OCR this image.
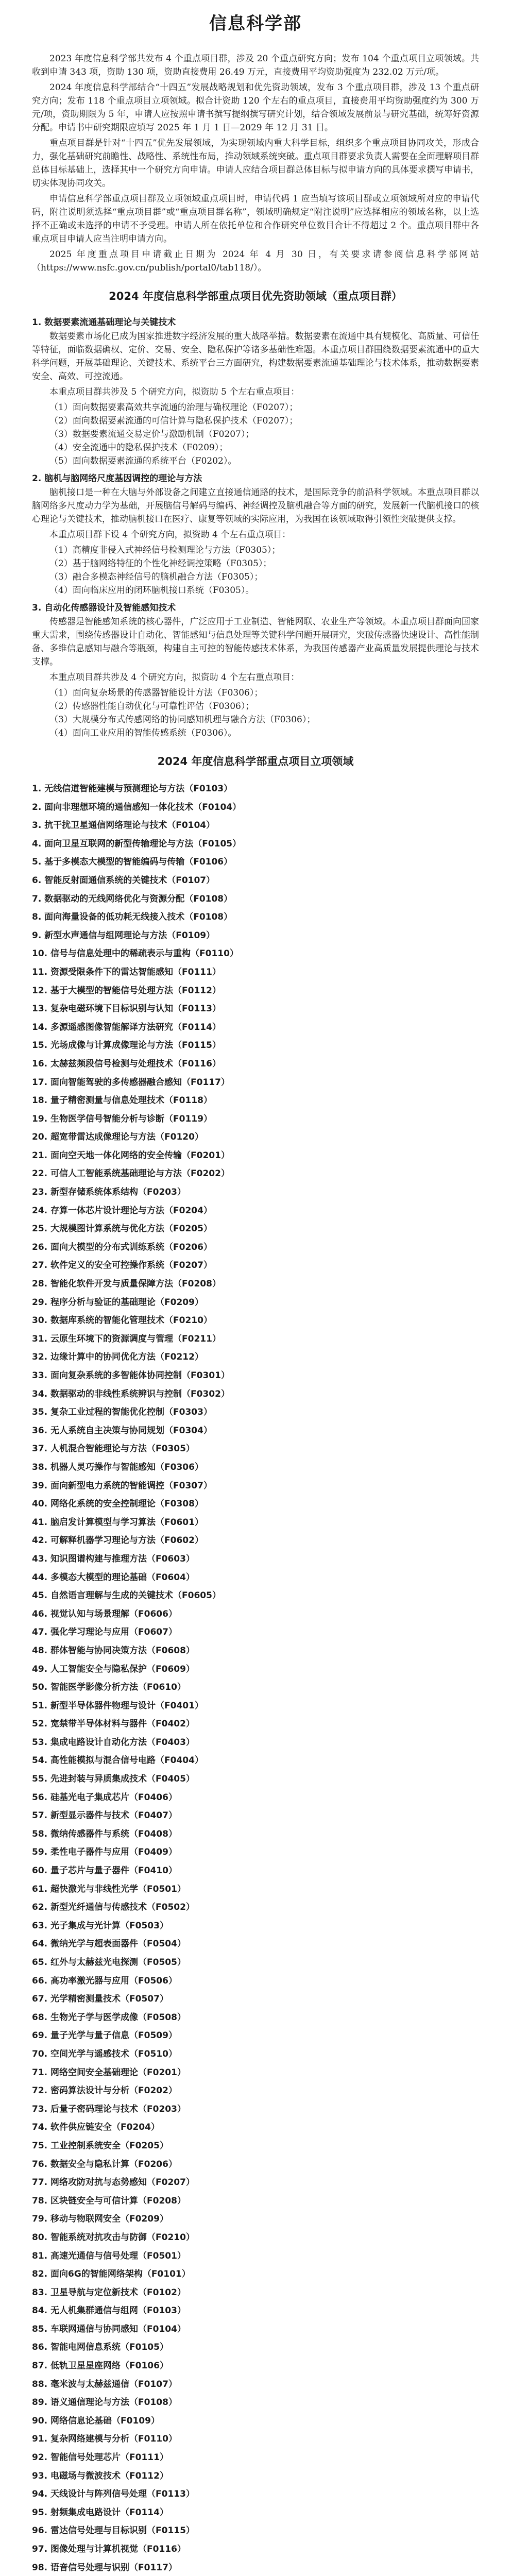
信息科学部

2023 年度信息科学部共发布 4 个重点项目群，涉及 20 个重点研究方向；发布 104 个重点项目立项领域。共收到申请 343 项，资助 130 项，资助直接费用 26.49 万元，直接费用平均资助强度为 232.02 万元/项。

2024 年度信息科学部结合“十四五”发展战略规划和优先资助领域，发布 3 个重点项目群，涉及 13 个重点研究方向；发布 118 个重点项目立项领域。拟合计资助 120 个左右的重点项目，直接费用平均资助强度约为 300 万元/项，资助期限为 5 年，申请人应按照申请书撰写提纲撰写研究计划，结合领域发展前景与研究基础，统筹好资源分配。申请书中研究期限应填写 2025 年 1 月 1 日—2029 年 12 月 31 日。

重点项目群是针对“十四五”优先发展领域，为实现领域内重大科学目标，组织多个重点项目协同攻关，形成合力，强化基础研究前瞻性、战略性、系统性布局，推动领域系统突破。重点项目群要求负责人需要在全面理解项目群总体目标基础上，选择其中一个研究方向申请。申请人应结合项目群总体目标与拟申请方向的具体要求撰写申请书，切实体现协同攻关。

申请信息科学部重点项目群及立项领域重点项目时，申请代码 1 应当填写该项目群或立项领域所对应的申请代码，附注说明须选择“重点项目群”或“重点项目群名称”，领域明确规定“附注说明”应选择相应的领域名称，以上选择不正确或未选择的申请不予受理。申请人所在依托单位和合作研究单位数目合计不得超过 2 个。重点项目群中各重点项目申请人应当注明申请方向。

2025 年度重点项目申请截止日期为 2024 年 4 月 30 日，有关要求请参阅信息科学部网站（https://www.nsfc.gov.cn/publish/portal0/tab118/）。

2024 年度信息科学部重点项目优先资助领域（重点项目群）
1. 数据要素流通基础理论与关键技术

数据要素市场化已成为国家推进数字经济发展的重大战略举措。数据要素在流通中具有规模化、高质量、可信任等特征，面临数据确权、定价、交易、安全、隐私保护等诸多基础性难题。本重点项目群围绕数据要素流通中的重大科学问题，开展基础理论、关键技术、系统平台三方面研究，构建数据要素流通基础理论与技术体系，推动数据要素安全、高效、可控流通。

本重点项目群共涉及 5 个研究方向，拟资助 5 个左右重点项目：

（1）面向数据要素高效共享流通的治理与确权理论（F0207）；

（2）面向数据要素流通的可信计算与隐私保护技术（F0207）；

（3）数据要素流通交易定价与激励机制（F0207）；

（4）安全流通中的隐私保护技术（F0209）；

（5）面向数据要素流通的系统平台（F0202）。

2. 脑机与脑网络尺度基因调控的理论与方法

脑机接口是一种在大脑与外部设备之间建立直接通信通路的技术，是国际竞争的前沿科学领域。本重点项目群以脑网络多尺度动力学为基础，开展脑信号解码与编码、神经调控及脑机融合等方面的研究，发展新一代脑机接口的核心理论与关键技术，推动脑机接口在医疗、康复等领域的实际应用，为我国在该领域取得引领性突破提供支撑。

本重点项目群下设 4 个研究方向，拟资助 4 个左右重点项目：

（1）高精度非侵入式神经信号检测理论与方法（F0305）；

（2）基于脑网络特征的个性化神经调控策略（F0305）；

（3）融合多模态神经信号的脑机融合方法（F0305）；

（4）面向临床应用的闭环脑机接口系统（F0305）。

3. 自动化传感器设计及智能感知技术

传感器是智能感知系统的核心器件，广泛应用于工业制造、智能网联、农业生产等领域。本重点项目群面向国家重大需求，围绕传感器设计自动化、智能感知与信息处理等关键科学问题开展研究，突破传感器快速设计、高性能制备、多维信息感知与融合等瓶颈，构建自主可控的智能传感技术体系，为我国传感器产业高质量发展提供理论与技术支撑。

本重点项目群共涉及 4 个研究方向，拟资助 4 个左右重点项目：

（1）面向复杂场景的传感器智能设计方法（F0306）；

（2）传感器性能自动优化与可靠性评估（F0306）；

（3）大规模分布式传感网络的协同感知机理与融合方法（F0306）；

（4）面向工业应用的智能传感系统（F0306）。

2024 年度信息科学部重点项目立项领域
1. 无线信道智能建模与预测理论与方法（F0103）
2. 面向非理想环境的通信感知一体化技术（F0104）
3. 抗干扰卫星通信网络理论与技术（F0104）
4. 面向卫星互联网的新型传输理论与方法（F0105）
5. 基于多模态大模型的智能编码与传输（F0106）
6. 智能反射面通信系统的关键技术（F0107）
7. 数据驱动的无线网络优化与资源分配（F0108）
8. 面向海量设备的低功耗无线接入技术（F0108）
9. 新型水声通信与组网理论与方法（F0109）
10. 信号与信息处理中的稀疏表示与重构（F0110）
11. 资源受限条件下的雷达智能感知（F0111）
12. 基于大模型的智能信号处理方法（F0112）
13. 复杂电磁环境下目标识别与认知（F0113）
14. 多源遥感图像智能解译方法研究（F0114）
15. 光场成像与计算成像理论与方法（F0115）
16. 太赫兹频段信号检测与处理技术（F0116）
17. 面向智能驾驶的多传感器融合感知（F0117）
18. 量子精密测量与信息处理技术（F0118）
19. 生物医学信号智能分析与诊断（F0119）
20. 超宽带雷达成像理论与方法（F0120）
21. 面向空天地一体化网络的安全传输（F0201）
22. 可信人工智能系统基础理论与方法（F0202）
23. 新型存储系统体系结构（F0203）
24. 存算一体芯片设计理论与方法（F0204）
25. 大规模图计算系统与优化方法（F0205）
26. 面向大模型的分布式训练系统（F0206）
27. 软件定义的安全可控操作系统（F0207）
28. 智能化软件开发与质量保障方法（F0208）
29. 程序分析与验证的基础理论（F0209）
30. 数据库系统的智能化管理技术（F0210）
31. 云原生环境下的资源调度与管理（F0211）
32. 边缘计算中的协同优化方法（F0212）
33. 面向复杂系统的多智能体协同控制（F0301）
34. 数据驱动的非线性系统辨识与控制（F0302）
35. 复杂工业过程的智能优化控制（F0303）
36. 无人系统自主决策与协同规划（F0304）
37. 人机混合智能理论与方法（F0305）
38. 机器人灵巧操作与智能感知（F0306）
39. 面向新型电力系统的智能调控（F0307）
40. 网络化系统的安全控制理论（F0308）
41. 脑启发计算模型与学习算法（F0601）
42. 可解释机器学习理论与方法（F0602）
43. 知识图谱构建与推理方法（F0603）
44. 多模态大模型的理论基础（F0604）
45. 自然语言理解与生成的关键技术（F0605）
46. 视觉认知与场景理解（F0606）
47. 强化学习理论与应用（F0607）
48. 群体智能与协同决策方法（F0608）
49. 人工智能安全与隐私保护（F0609）
50. 智能医学影像分析方法（F0610）
51. 新型半导体器件物理与设计（F0401）
52. 宽禁带半导体材料与器件（F0402）
53. 集成电路设计自动化方法（F0403）
54. 高性能模拟与混合信号电路（F0404）
55. 先进封装与异质集成技术（F0405）
56. 硅基光电子集成芯片（F0406）
57. 新型显示器件与技术（F0407）
58. 微纳传感器件与系统（F0408）
59. 柔性电子器件与应用（F0409）
60. 量子芯片与量子器件（F0410）
61. 超快激光与非线性光学（F0501）
62. 新型光纤通信与传感技术（F0502）
63. 光子集成与光计算（F0503）
64. 微纳光学与超表面器件（F0504）
65. 红外与太赫兹光电探测（F0505）
66. 高功率激光器与应用（F0506）
67. 光学精密测量技术（F0507）
68. 生物光子学与医学成像（F0508）
69. 量子光学与量子信息（F0509）
70. 空间光学与遥感技术（F0510）
71. 网络空间安全基础理论（F0201）
72. 密码算法设计与分析（F0202）
73. 后量子密码理论与技术（F0203）
74. 软件供应链安全（F0204）
75. 工业控制系统安全（F0205）
76. 数据安全与隐私计算（F0206）
77. 网络攻防对抗与态势感知（F0207）
78. 区块链安全与可信计算（F0208）
79. 移动与物联网安全（F0209）
80. 智能系统对抗攻击与防御（F0210）
81. 高速光通信与信号处理（F0501）
82. 面向6G的智能网络架构（F0101）
83. 卫星导航与定位新技术（F0102）
84. 无人机集群通信与组网（F0103）
85. 车联网通信与协同感知（F0104）
86. 智能电网信息系统（F0105）
87. 低轨卫星星座网络（F0106）
88. 毫米波与太赫兹通信（F0107）
89. 语义通信理论与方法（F0108）
90. 网络信息论基础（F0109）
91. 复杂网络建模与分析（F0110）
92. 智能信号处理芯片（F0111）
93. 电磁场与微波技术（F0112）
94. 天线设计与阵列信号处理（F0113）
95. 射频集成电路设计（F0114）
96. 雷达信号处理与目标识别（F0115）
97. 图像处理与计算机视觉（F0116）
98. 语音信号处理与识别（F0117）
